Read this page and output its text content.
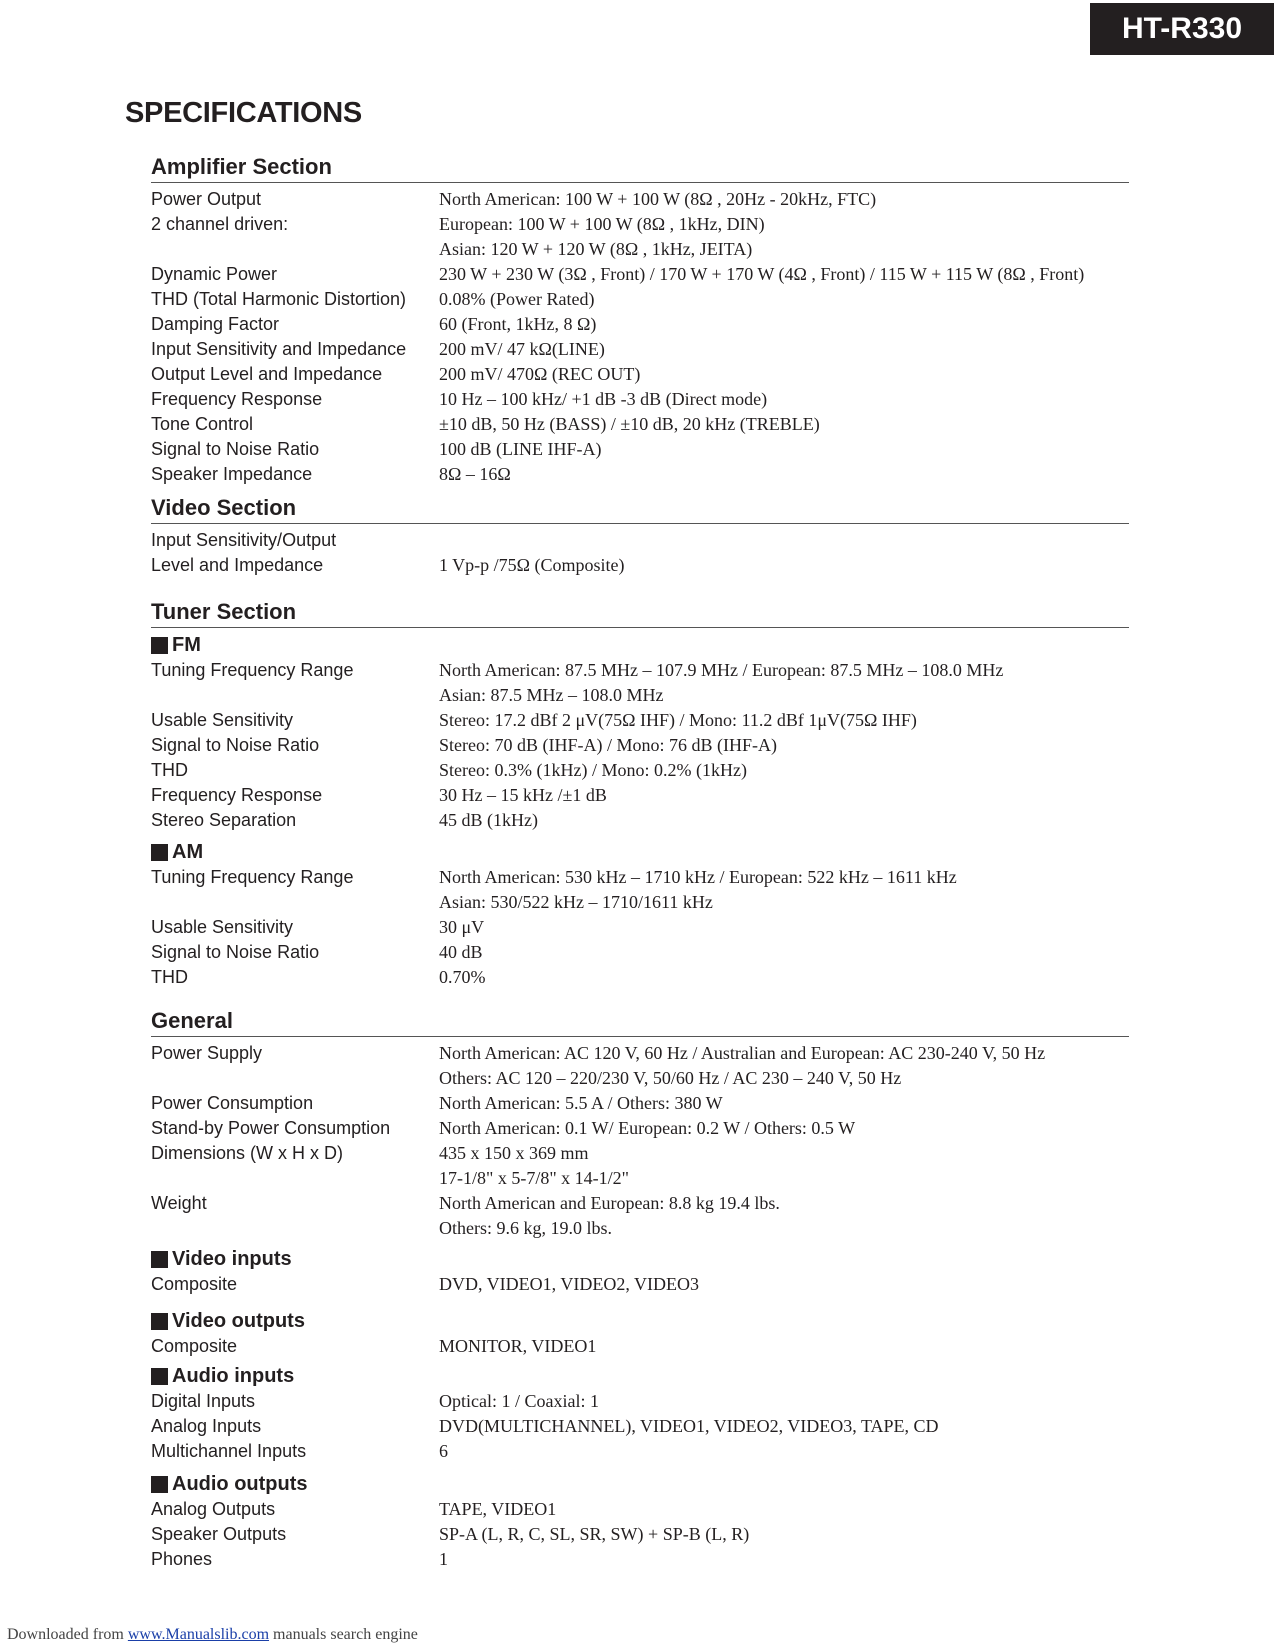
HT-R330
SPECIFICATIONS
Amplifier Section
Power Output	North American: 100 W + 100 W (8Ω , 20Hz - 20kHz, FTC)
2 channel driven:	European: 100 W + 100 W (8Ω , 1kHz, DIN)
Asian: 120 W + 120 W (8Ω , 1kHz, JEITA)
Dynamic Power	230 W + 230 W (3Ω , Front) / 170 W + 170 W (4Ω , Front) / 115 W + 115 W (8Ω , Front)
THD (Total Harmonic Distortion)	0.08% (Power Rated)
Damping Factor	60 (Front, 1kHz, 8 Ω)
Input Sensitivity and Impedance	200 mV/ 47 kΩ(LINE)
Output Level and Impedance	200 mV/ 470Ω (REC OUT)
Frequency Response	10 Hz – 100 kHz/ +1 dB -3 dB (Direct mode)
Tone Control	±10 dB, 50 Hz (BASS) / ±10 dB, 20 kHz (TREBLE)
Signal to Noise Ratio	100 dB (LINE IHF-A)
Speaker Impedance	8Ω – 16Ω
Video Section
Input Sensitivity/Output

Level and Impedance	1 Vp-p /75Ω (Composite)
Tuner Section
FM
Tuning Frequency Range	North American: 87.5 MHz – 107.9 MHz / European: 87.5 MHz – 108.0 MHz
Asian: 87.5 MHz – 108.0 MHz
Usable Sensitivity	Stereo: 17.2 dBf 2 μV(75Ω IHF) / Mono: 11.2 dBf 1μV(75Ω IHF)
Signal to Noise Ratio	Stereo: 70 dB (IHF-A) / Mono: 76 dB (IHF-A)
THD	Stereo: 0.3% (1kHz) / Mono: 0.2% (1kHz)
Frequency Response	30 Hz – 15 kHz /±1 dB
Stereo Separation	45 dB (1kHz)
AM
Tuning Frequency Range	North American: 530 kHz – 1710 kHz / European: 522 kHz – 1611 kHz
Asian: 530/522 kHz – 1710/1611 kHz
Usable Sensitivity	30 μV
Signal to Noise Ratio	40 dB
THD	0.70%
General
Power Supply	North American: AC 120 V, 60 Hz / Australian and European: AC 230-240 V, 50 Hz
Others: AC 120 – 220/230 V, 50/60 Hz / AC 230 – 240 V, 50 Hz
Power Consumption	North American: 5.5 A / Others: 380 W
Stand-by Power Consumption	North American: 0.1 W/ European: 0.2 W / Others: 0.5 W
Dimensions (W x H x D)	435 x 150 x 369 mm
17-1/8" x 5-7/8" x 14-1/2"
Weight	North American and European: 8.8 kg 19.4 lbs.
Others: 9.6 kg, 19.0 lbs.
Video inputs
Composite	DVD, VIDEO1, VIDEO2, VIDEO3
Video outputs
Composite	MONITOR, VIDEO1
Audio inputs
Digital Inputs	Optical: 1 / Coaxial: 1
Analog Inputs	DVD(MULTICHANNEL), VIDEO1, VIDEO2, VIDEO3, TAPE, CD
Multichannel Inputs	6
Audio outputs
Analog Outputs	TAPE, VIDEO1
Speaker Outputs	SP-A (L, R, C, SL, SR, SW) + SP-B (L, R)
Phones	1
Downloaded from www.Manualslib.com manuals search engine
